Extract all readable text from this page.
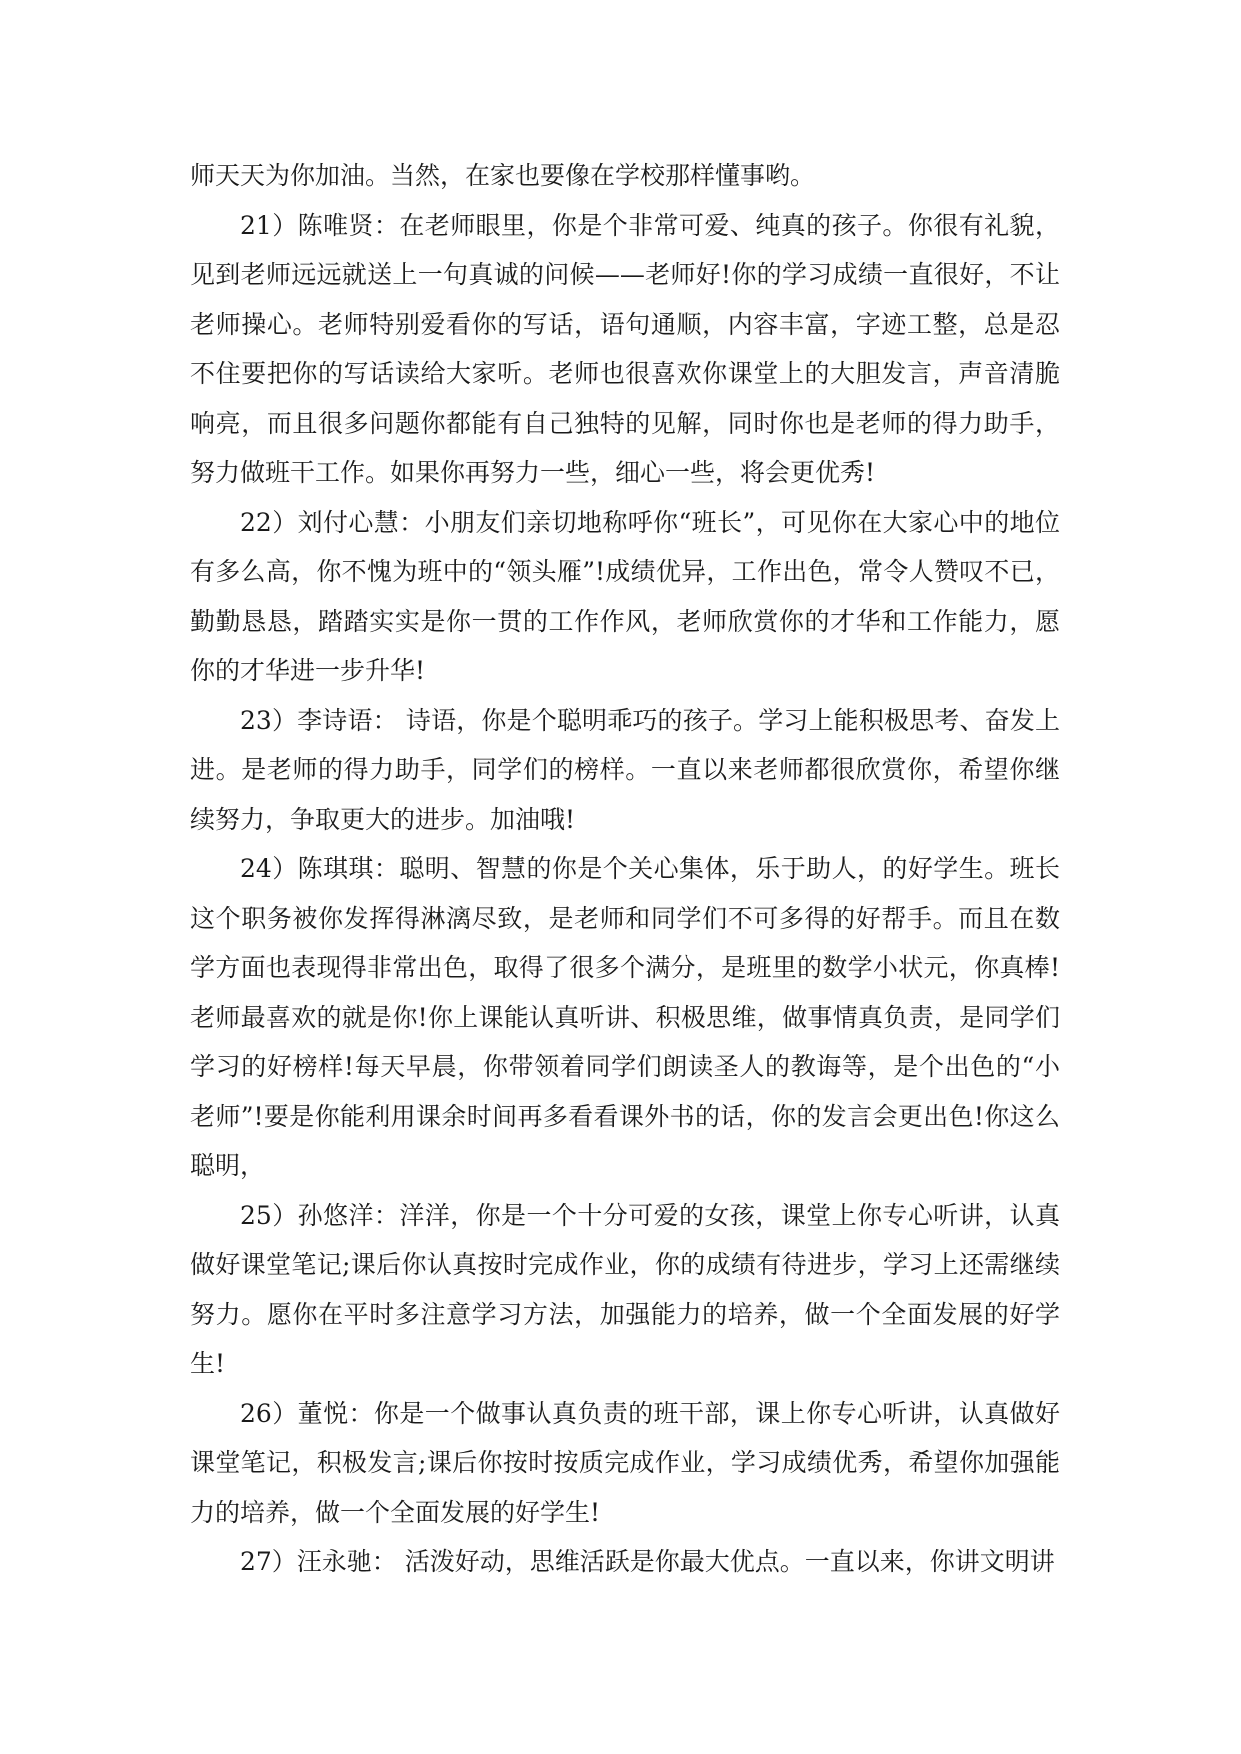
师天天为你加油。当然，在家也要像在学校那样懂事哟。

21）陈唯贤：在老师眼里，你是个非常可爱、纯真的孩子。你很有礼貌，见到老师远远就送上一句真诚的问候——老师好!你的学习成绩一直很好，不让老师操心。老师特别爱看你的写话，语句通顺，内容丰富，字迹工整，总是忍不住要把你的写话读给大家听。老师也很喜欢你课堂上的大胆发言，声音清脆响亮，而且很多问题你都能有自己独特的见解，同时你也是老师的得力助手，努力做班干工作。如果你再努力一些，细心一些，将会更优秀!

22）刘付心慧：小朋友们亲切地称呼你“班长”，可见你在大家心中的地位有多么高，你不愧为班中的“领头雁”!成绩优异，工作出色，常令人赞叹不已，勤勤恳恳，踏踏实实是你一贯的工作作风，老师欣赏你的才华和工作能力，愿你的才华进一步升华!

23）李诗语： 诗语，你是个聪明乖巧的孩子。学习上能积极思考、奋发上进。是老师的得力助手，同学们的榜样。一直以来老师都很欣赏你，希望你继续努力，争取更大的进步。加油哦!

24）陈琪琪：聪明、智慧的你是个关心集体，乐于助人，的好学生。班长这个职务被你发挥得淋漓尽致，是老师和同学们不可多得的好帮手。而且在数学方面也表现得非常出色，取得了很多个满分，是班里的数学小状元，你真棒!老师最喜欢的就是你!你上课能认真听讲、积极思维，做事情真负责，是同学们学习的好榜样!每天早晨，你带领着同学们朗读圣人的教诲等，是个出色的“小老师”!要是你能利用课余时间再多看看课外书的话，你的发言会更出色!你这么聪明，

25）孙悠洋：洋洋，你是一个十分可爱的女孩，课堂上你专心听讲，认真做好课堂笔记;课后你认真按时完成作业，你的成绩有待进步，学习上还需继续努力。愿你在平时多注意学习方法，加强能力的培养，做一个全面发展的好学生!

26）董悦：你是一个做事认真负责的班干部，课上你专心听讲，认真做好课堂笔记，积极发言;课后你按时按质完成作业，学习成绩优秀，希望你加强能力的培养，做一个全面发展的好学生!

27）汪永驰： 活泼好动，思维活跃是你最大优点。一直以来，你讲文明讲
